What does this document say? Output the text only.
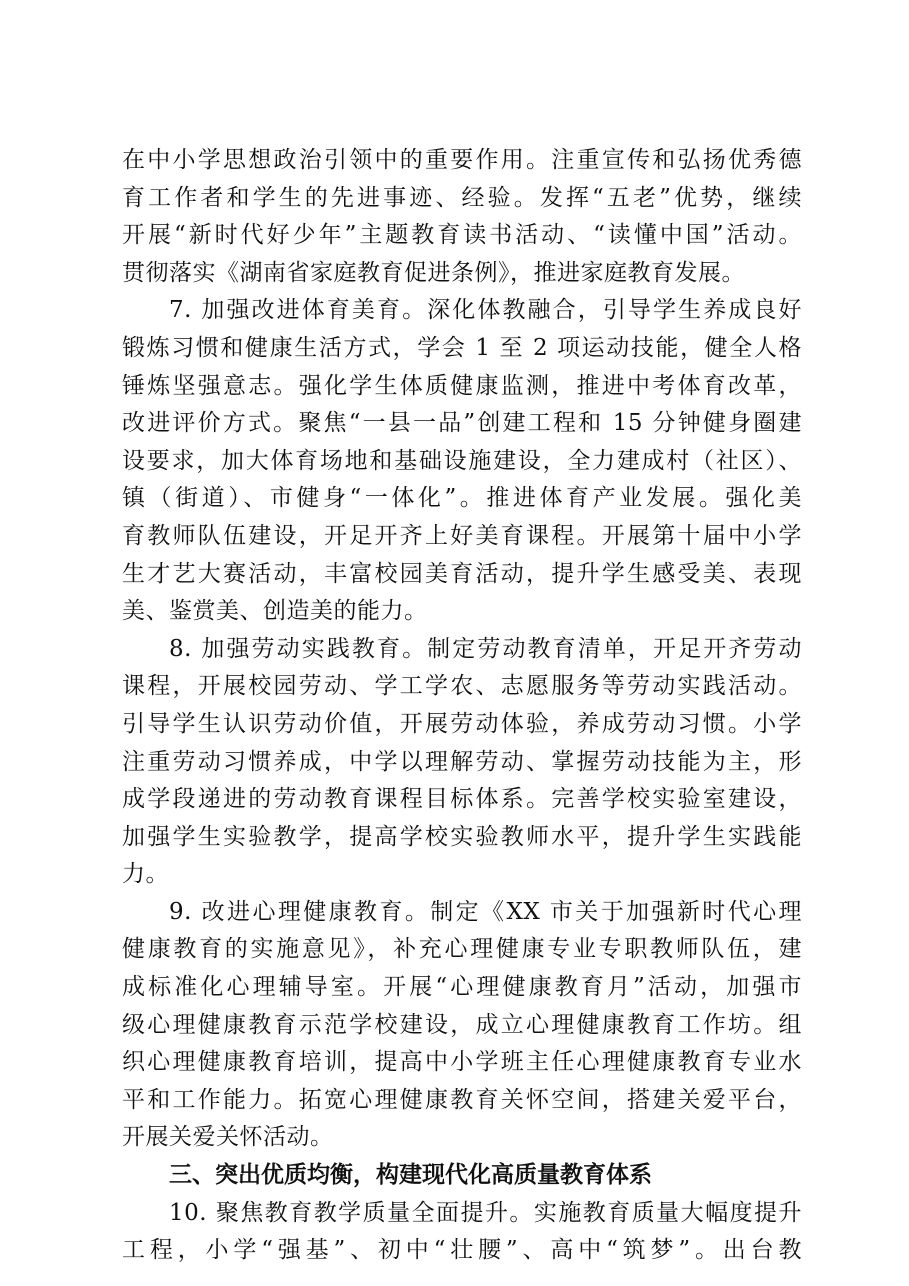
在中小学思想政治引领中的重要作用。注重宣传和弘扬优秀德
育工作者和学生的先进事迹、经验。发挥“五老”优势，继续
开展“新时代好少年”主题教育读书活动、“读懂中国”活动。
贯彻落实《湖南省家庭教育促进条例》，推进家庭教育发展。
7. 加强改进体育美育。深化体教融合，引导学生养成良好
锻炼习惯和健康生活方式，学会 1 至 2 项运动技能，健全人格
锤炼坚强意志。强化学生体质健康监测，推进中考体育改革，
改进评价方式。聚焦“一县一品”创建工程和 15 分钟健身圈建
设要求，加大体育场地和基础设施建设，全力建成村（社区）、
镇（街道）、市健身“一体化”。推进体育产业发展。强化美
育教师队伍建设，开足开齐上好美育课程。开展第十届中小学
生才艺大赛活动，丰富校园美育活动，提升学生感受美、表现
美、鉴赏美、创造美的能力。
8. 加强劳动实践教育。制定劳动教育清单，开足开齐劳动
课程，开展校园劳动、学工学农、志愿服务等劳动实践活动。
引导学生认识劳动价值，开展劳动体验，养成劳动习惯。小学
注重劳动习惯养成，中学以理解劳动、掌握劳动技能为主，形
成学段递进的劳动教育课程目标体系。完善学校实验室建设，
加强学生实验教学，提高学校实验教师水平，提升学生实践能
力。
9. 改进心理健康教育。制定《XX 市关于加强新时代心理
健康教育的实施意见》，补充心理健康专业专职教师队伍，建
成标准化心理辅导室。开展“心理健康教育月”活动，加强市
级心理健康教育示范学校建设，成立心理健康教育工作坊。组
织心理健康教育培训，提高中小学班主任心理健康教育专业水
平和工作能力。拓宽心理健康教育关怀空间，搭建关爱平台，
开展关爱关怀活动。
三、突出优质均衡，构建现代化高质量教育体系
10. 聚焦教育教学质量全面提升。实施教育质量大幅度提升
工程，小学“强基”、初中“壮腰”、高中“筑梦”。出台教
